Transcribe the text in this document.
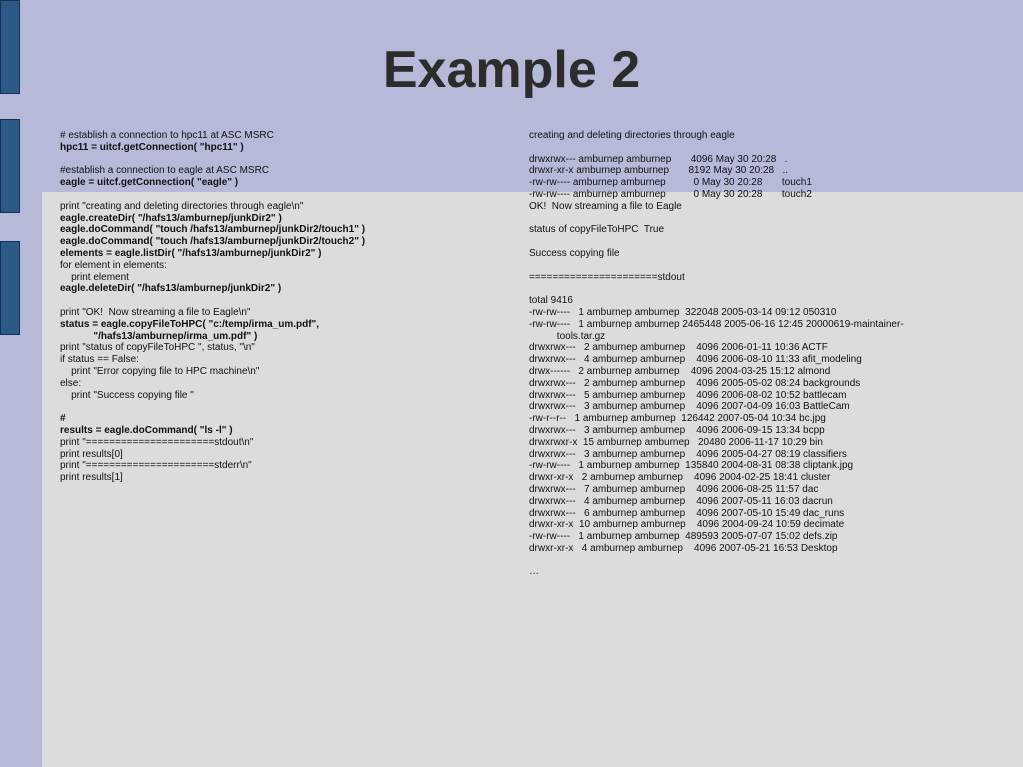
Example 2
# establish a connection to hpc11 at ASC MSRC
hpc11 = uitcf.getConnection( "hpc11" )
#establish a connection to eagle at ASC MSRC
eagle = uitcf.getConnection( "eagle" )
print "creating and deleting directories through eagle\n"
eagle.createDir( "/hafs13/amburnep/junkDir2" )
eagle.doCommand( "touch /hafs13/amburnep/junkDir2/touch1" )
eagle.doCommand( "touch /hafs13/amburnep/junkDir2/touch2" )
elements = eagle.listDir( "/hafs13/amburnep/junkDir2" )
for element in elements:
print element
eagle.deleteDir( "/hafs13/amburnep/junkDir2" )
print "OK!  Now streaming a file to Eagle\n"
status = eagle.copyFileToHPC( "c:/temp/irma_um.pdf",
"/hafs13/amburnep/irma_um.pdf" )
print "status of copyFileToHPC ", status, "\n"
if status == False:
print "Error copying file to HPC machine\n"
else:
print "Success copying file "
#
results = eagle.doCommand( "ls -l" )
print "======================stdout\n"
print results[0]
print "======================stderr\n"
print results[1]
creating and deleting directories through eagle
drwxrwx--- amburnep amburnep       4096 May 30 20:28   .
drwxr-xr-x amburnep amburnep       8192 May 30 20:28   ..
-rw-rw---- amburnep amburnep          0 May 30 20:28       touch1
-rw-rw---- amburnep amburnep          0 May 30 20:28       touch2
OK!  Now streaming a file to Eagle
status of copyFileToHPC  True
Success copying file
======================stdout
total 9416
-rw-rw----   1 amburnep amburnep  322048 2005-03-14 09:12 050310
-rw-rw----   1 amburnep amburnep 2465448 2005-06-16 12:45 20000619-maintainer-
tools.tar.gz
drwxrwx---   2 amburnep amburnep    4096 2006-01-11 10:36 ACTF
drwxrwx---   4 amburnep amburnep    4096 2006-08-10 11:33 afit_modeling
drwx------   2 amburnep amburnep    4096 2004-03-25 15:12 almond
drwxrwx---   2 amburnep amburnep    4096 2005-05-02 08:24 backgrounds
drwxrwx---   5 amburnep amburnep    4096 2006-08-02 10:52 battlecam
drwxrwx---   3 amburnep amburnep    4096 2007-04-09 16:03 BattleCam
-rw-r--r--   1 amburnep amburnep  126442 2007-05-04 10:34 bc.jpg
drwxrwx---   3 amburnep amburnep    4096 2006-09-15 13:34 bcpp
drwxrwxr-x  15 amburnep amburnep   20480 2006-11-17 10:29 bin
drwxrwx---   3 amburnep amburnep    4096 2005-04-27 08:19 classifiers
-rw-rw----   1 amburnep amburnep  135840 2004-08-31 08:38 cliptank.jpg
drwxr-xr-x   2 amburnep amburnep    4096 2004-02-25 18:41 cluster
drwxrwx---   7 amburnep amburnep    4096 2006-08-25 11:57 dac
drwxrwx---   4 amburnep amburnep    4096 2007-05-11 16:03 dacrun
drwxrwx---   6 amburnep amburnep    4096 2007-05-10 15:49 dac_runs
drwxr-xr-x  10 amburnep amburnep    4096 2004-09-24 10:59 decimate
-rw-rw----   1 amburnep amburnep  489593 2005-07-07 15:02 defs.zip
drwxr-xr-x   4 amburnep amburnep    4096 2007-05-21 16:53 Desktop
…
